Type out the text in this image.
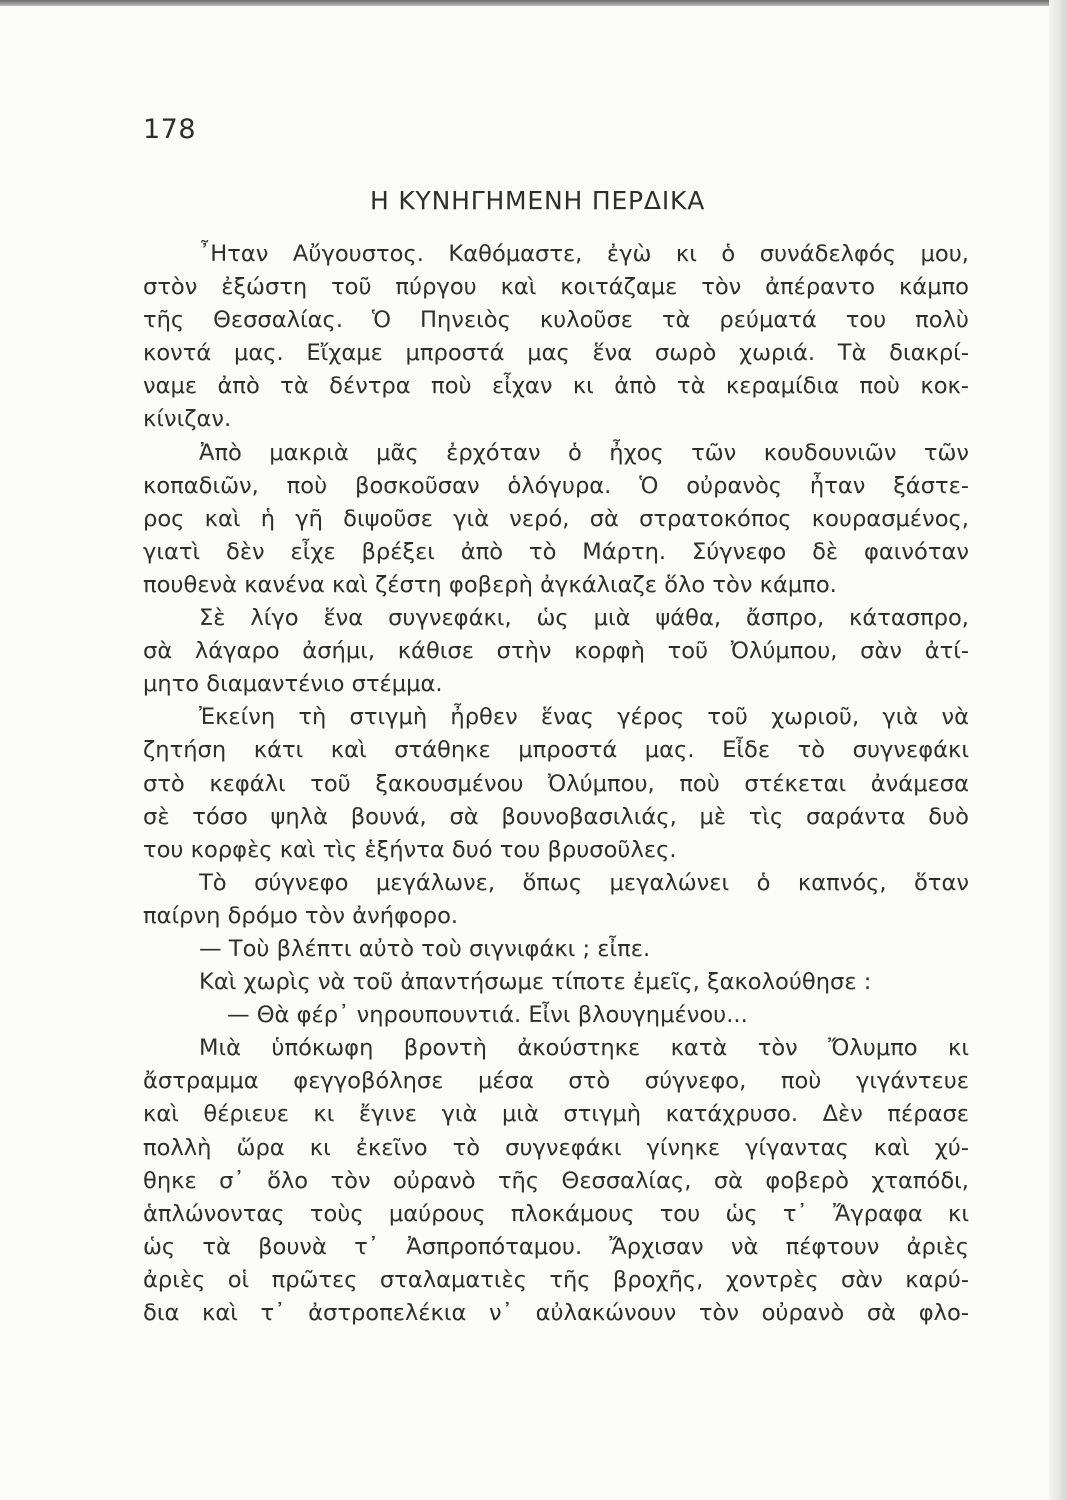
178
Η ΚΥΝΗΓΗΜΕΝΗ ΠΕΡΔΙΚΑ
῏Ηταν Αὔγουστος. Καθόμαστε, ἐγὼ κι ὁ συνάδελφός μου,
στὸν ἐξώστη τοῦ πύργου καὶ κοιτάζαμε τὸν ἀπέραντο κάμπο
τῆς Θεσσαλίας. Ὁ Πηνειὸς κυλοῦσε τὰ ρεύματά του πολὺ
κοντά μας. Εἴχαμε μπροστά μας ἕνα σωρὸ χωριά. Τὰ διακρί-
ναμε ἀπὸ τὰ δέντρα ποὺ εἶχαν κι ἀπὸ τὰ κεραμίδια ποὺ κοκ-
κίνιζαν.
Ἀπὸ μακριὰ μᾶς ἐρχόταν ὁ ἦχος τῶν κουδουνιῶν τῶν
κοπαδιῶν, ποὺ βοσκοῦσαν ὁλόγυρα. Ὁ οὐρανὸς ἦταν ξάστε-
ρος καὶ ἡ γῆ διψοῦσε γιὰ νερό, σὰ στρατοκόπος κουρασμένος,
γιατὶ δὲν εἶχε βρέξει ἀπὸ τὸ Μάρτη. Σύγνεφο δὲ φαινόταν
πουθενὰ κανένα καὶ ζέστη φοβερὴ ἀγκάλιαζε ὅλο τὸν κάμπο.
Σὲ λίγο ἕνα συγνεφάκι, ὡς μιὰ ψάθα, ἄσπρο, κάτασπρο,
σὰ λάγαρο ἀσήμι, κάθισε στὴν κορφὴ τοῦ Ὀλύμπου, σὰν ἀτί-
μητο διαμαντένιο στέμμα.
Ἐκείνη τὴ στιγμὴ ἦρθεν ἕνας γέρος τοῦ χωριοῦ, γιὰ νὰ
ζητήση κάτι καὶ στάθηκε μπροστά μας. Εἶδε τὸ συγνεφάκι
στὸ κεφάλι τοῦ ξακουσμένου Ὀλύμπου, ποὺ στέκεται ἀνάμεσα
σὲ τόσο ψηλὰ βουνά, σὰ βουνοβασιλιάς, μὲ τὶς σαράντα δυὸ
του κορφὲς καὶ τὶς ἑξήντα δυό του βρυσοῦλες.
Τὸ σύγνεφο μεγάλωνε, ὅπως μεγαλώνει ὁ καπνός, ὅταν
παίρνη δρόμο τὸν ἀνήφορο.
— Τοὺ βλέπτι αὐτὸ τοὺ σιγνιφάκι ; εἶπε.
Καὶ χωρὶς νὰ τοῦ ἀπαντήσωμε τίποτε ἐμεῖς, ξακολούθησε :
— Θὰ φέρ᾽ νηρουπουντιά. Εἶνι βλουγημένου...
Μιὰ ὑπόκωφη βροντὴ ἀκούστηκε κατὰ τὸν Ὄλυμπο κι
ἄστραμμα φεγγοβόλησε μέσα στὸ σύγνεφο, ποὺ γιγάντευε
καὶ θέριευε κι ἔγινε γιὰ μιὰ στιγμὴ κατάχρυσο. Δὲν πέρασε
πολλὴ ὥρα κι ἐκεῖνο τὸ συγνεφάκι γίνηκε γίγαντας καὶ χύ-
θηκε σ᾽ ὅλο τὸν οὐρανὸ τῆς Θεσσαλίας, σὰ φοβερὸ χταπόδι,
ἁπλώνοντας τοὺς μαύρους πλοκάμους του ὡς τ᾽ Ἄγραφα κι
ὡς τὰ βουνὰ τ᾽ Ἀσπροπόταμου. Ἄρχισαν νὰ πέφτουν ἀριὲς
ἀριὲς οἱ πρῶτες σταλαματιὲς τῆς βροχῆς, χοντρὲς σὰν καρύ-
δια καὶ τ᾽ ἀστροπελέκια ν᾽ αὐλακώνουν τὸν οὐρανὸ σὰ φλο-
